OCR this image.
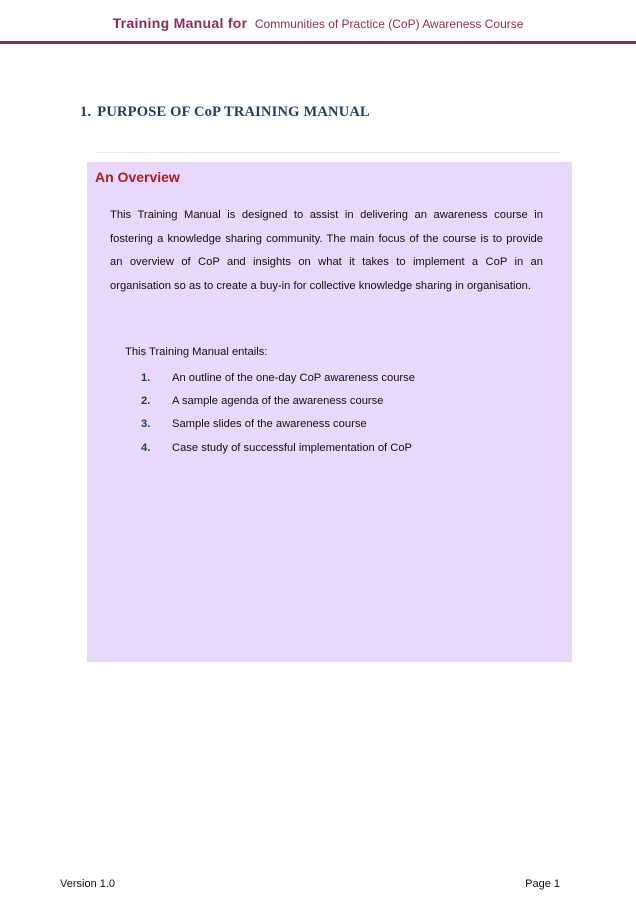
Training Manual for Communities of Practice (CoP) Awareness Course
1. PURPOSE OF CoP TRAINING MANUAL
An Overview

This Training Manual is designed to assist in delivering an awareness course in fostering a knowledge sharing community. The main focus of the course is to provide an overview of CoP and insights on what it takes to implement a CoP in an organisation so as to create a buy-in for collective knowledge sharing in organisation.

This Training Manual entails:

1. An outline of the one-day CoP awareness course
2. A sample agenda of the awareness course
3. Sample slides of the awareness course
4. Case study of successful implementation of CoP
Version 1.0	Page 1
